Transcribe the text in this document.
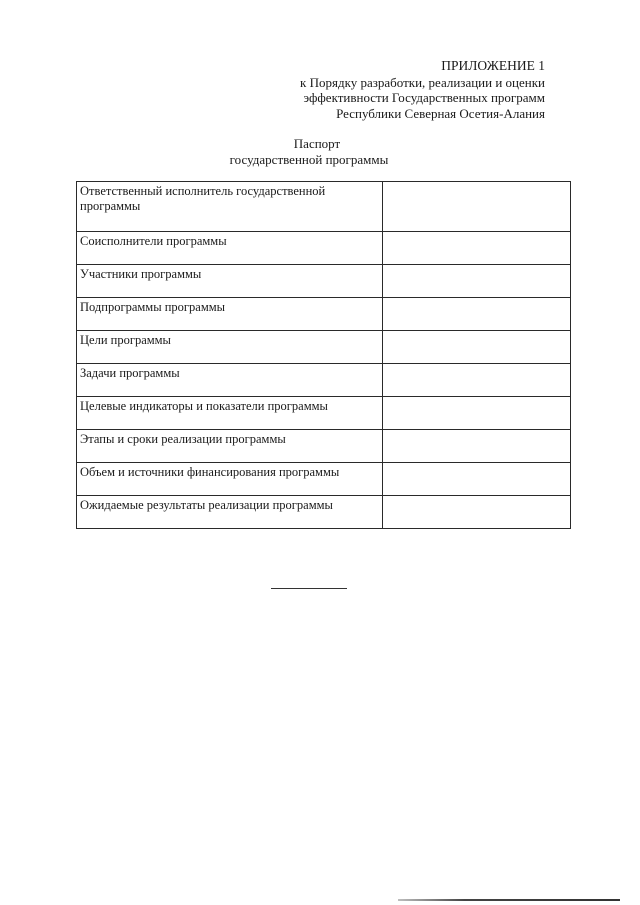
ПРИЛОЖЕНИЕ 1
к Порядку разработки, реализации и оценки
эффективности Государственных программ
Республики Северная Осетия-Алания
Паспорт
государственной программы
Ответственный исполнитель государственной программы	
Соисполнители программы	
Участники программы	
Подпрограммы программы	
Цели программы	
Задачи программы	
Целевые индикаторы и показатели программы	
Этапы и сроки реализации программы	
Объем и источники финансирования программы	
Ожидаемые результаты реализации программы	
